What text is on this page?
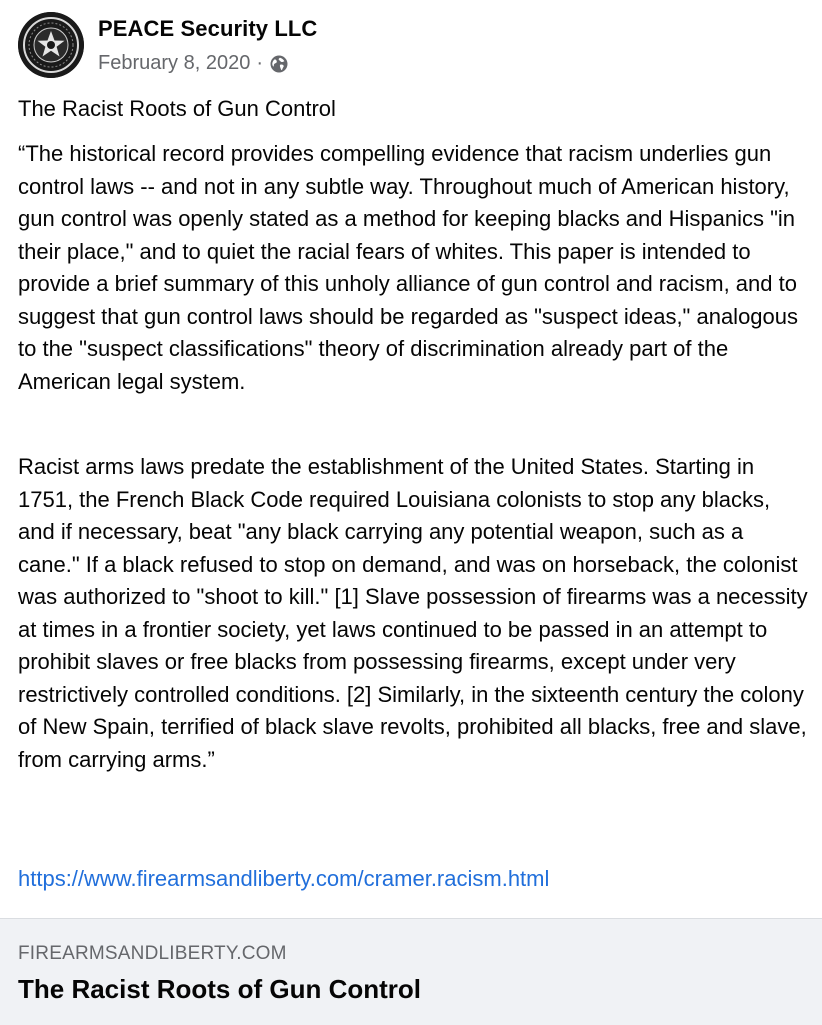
PEACE Security LLC
February 8, 2020 ·
The Racist Roots of Gun Control

“The historical record provides compelling evidence that racism underlies gun control laws -- and not in any subtle way. Throughout much of American history, gun control was openly stated as a method for keeping blacks and Hispanics "in their place," and to quiet the racial fears of whites. This paper is intended to provide a brief summary of this unholy alliance of gun control and racism, and to suggest that gun control laws should be regarded as "suspect ideas," analogous to the "suspect classifications" theory of discrimination already part of the American legal system.

Racist arms laws predate the establishment of the United States. Starting in 1751, the French Black Code required Louisiana colonists to stop any blacks, and if necessary, beat "any black carrying any potential weapon, such as a cane." If a black refused to stop on demand, and was on horseback, the colonist was authorized to "shoot to kill." [1] Slave possession of firearms was a necessity at times in a frontier society, yet laws continued to be passed in an attempt to prohibit slaves or free blacks from possessing firearms, except under very restrictively controlled conditions. [2] Similarly, in the sixteenth century the colony of New Spain, terrified of black slave revolts, prohibited all blacks, free and slave, from carrying arms.”

https://www.firearmsandliberty.com/cramer.racism.html
FIREARMSANDLIBERTY.COM
The Racist Roots of Gun Control
